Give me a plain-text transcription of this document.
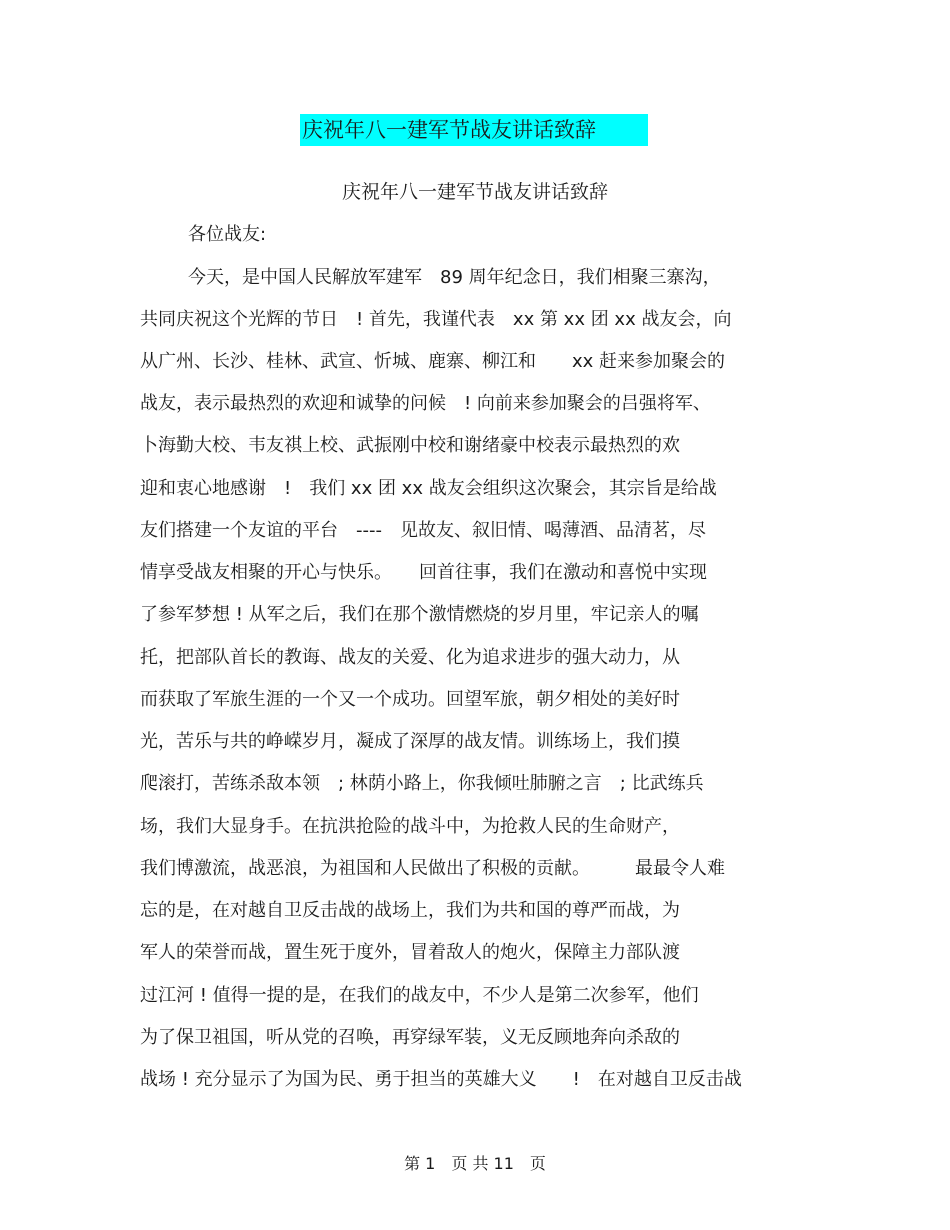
庆祝年八一建军节战友讲话致辞
庆祝年八一建军节战友讲话致辞
各位战友:
今天，是中国人民解放军建军　89 周年纪念日，我们相聚三寨沟，
共同庆祝这个光辉的节日　! 首先，我谨代表　xx 第 xx 团 xx 战友会，向
从广州、长沙、桂林、武宣、忻城、鹿寨、柳江和　　xx 赶来参加聚会的
战友，表示最热烈的欢迎和诚挚的问候　! 向前来参加聚会的吕强将军、
卜海勤大校、韦友祺上校、武振刚中校和谢绪豪中校表示最热烈的欢
迎和衷心地感谢　!　我们 xx 团 xx 战友会组织这次聚会，其宗旨是给战
友们搭建一个友谊的平台　----　见故友、叙旧情、喝薄酒、品清茗，尽
情享受战友相聚的开心与快乐。　　回首往事，我们在激动和喜悦中实现
了参军梦想 ! 从军之后，我们在那个激情燃烧的岁月里，牢记亲人的嘱
托，把部队首长的教诲、战友的关爱、化为追求进步的强大动力，从
而获取了军旅生涯的一个又一个成功。回望军旅，朝夕相处的美好时
光，苦乐与共的峥嵘岁月，凝成了深厚的战友情。训练场上，我们摸
爬滚打，苦练杀敌本领　; 林荫小路上，你我倾吐肺腑之言　; 比武练兵
场，我们大显身手。在抗洪抢险的战斗中，为抢救人民的生命财产，
我们博激流，战恶浪，为祖国和人民做出了积极的贡献。　　　最最令人难
忘的是，在对越自卫反击战的战场上，我们为共和国的尊严而战，为
军人的荣誉而战，置生死于度外，冒着敌人的炮火，保障主力部队渡
过江河 ! 值得一提的是，在我们的战友中，不少人是第二次参军，他们
为了保卫祖国，听从党的召唤，再穿绿军装，义无反顾地奔向杀敌的
战场 ! 充分显示了为国为民、勇于担当的英雄大义　　!　在对越自卫反击战
第 1　页 共 11　页
